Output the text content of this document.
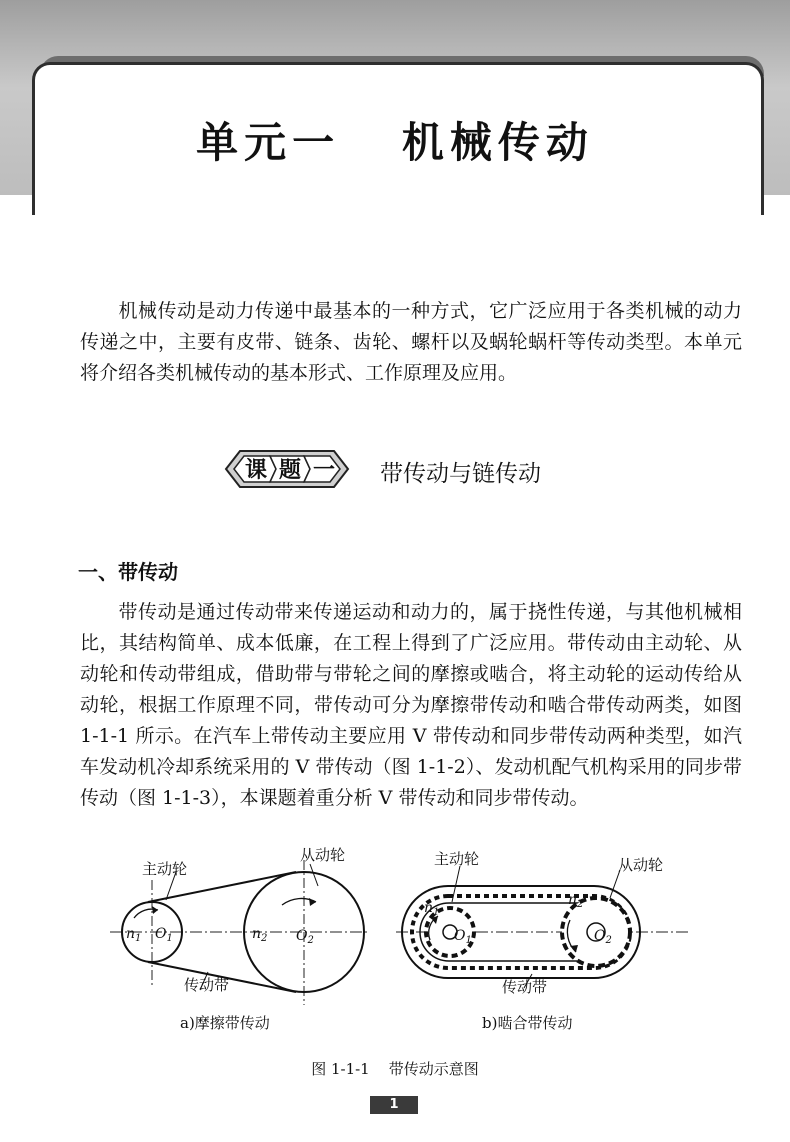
单元一   机械传动

机械传动是动力传递中最基本的一种方式，它广泛应用于各类机械的动力传递之中，主要有皮带、链条、齿轮、螺杆以及蜗轮蜗杆等传动类型。本单元将介绍各类机械传动的基本形式、工作原理及应用。

课 题 一 带传动与链传动
一、带传动

带传动是通过传动带来传递运动和动力的，属于挠性传递，与其他机械相比，其结构简单、成本低廉，在工程上得到了广泛应用。带传动由主动轮、从动轮和传动带组成，借助带与带轮之间的摩擦或啮合，将主动轮的运动传给从动轮，根据工作原理不同，带传动可分为摩擦带传动和啮合带传动两类，如图 1-1-1 所示。在汽车上带传动主要应用 V 带传动和同步带传动两种类型，如汽车发动机冷却系统采用的 V 带传动（图 1-1-2）、发动机配气机构采用的同步带传动（图 1-1-3），本课题着重分析 V 带传动和同步带传动。

主动轮
从动轮
传动带
$n_1$ $O_1$	$n_2$ $O_2$
a)摩擦带传动
主动轮	从动轮
传动带
$n_1$
$O_1$
$n_2$
$O_2$
b)啮合带传动
图 1-1-1    带传动示意图
1
